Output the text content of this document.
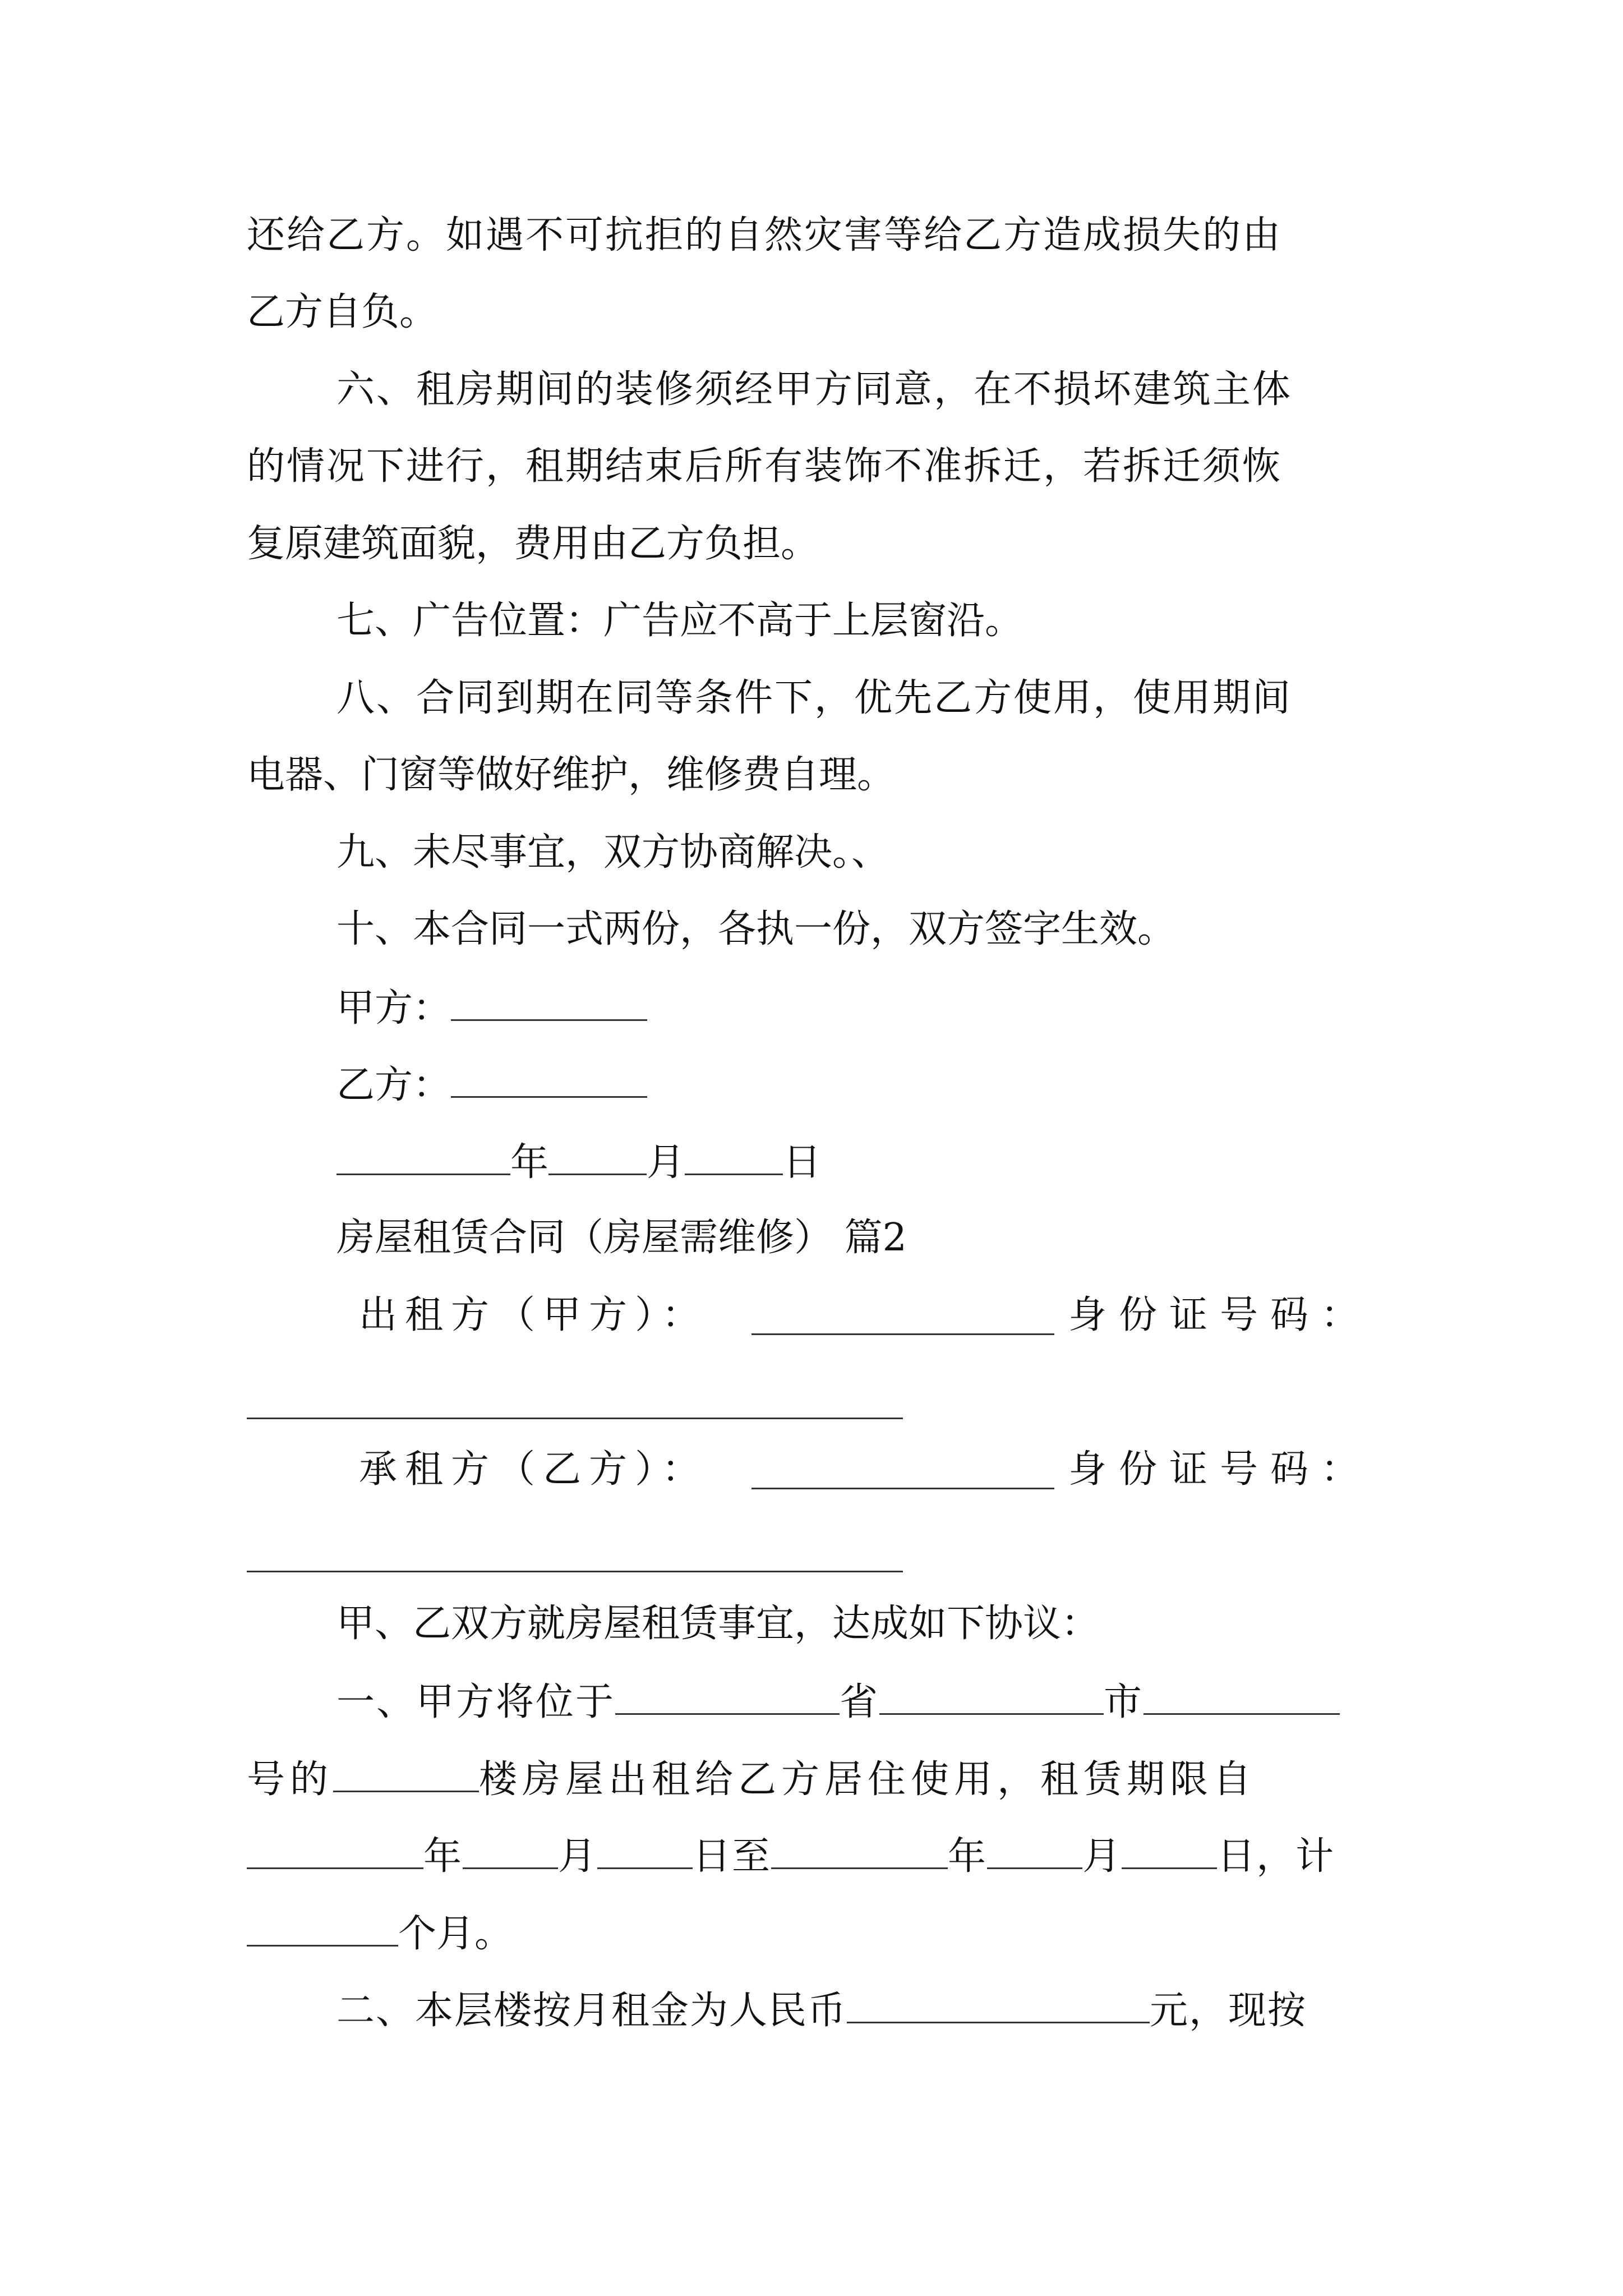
还给乙方。如遇不可抗拒的自然灾害等给乙方造成损失的由
乙方自负。
六、租房期间的装修须经甲方同意，在不损坏建筑主体
的情况下进行，租期结束后所有装饰不准拆迁，若拆迁须恢
复原建筑面貌，费用由乙方负担。
七、广告位置：广告应不高于上层窗沿。
八、合同到期在同等条件下，优先乙方使用，使用期间
电器、门窗等做好维护，维修费自理。
九、未尽事宜，双方协商解决。、
十、本合同一式两份，各执一份，双方签字生效。
甲方：
乙方：
年	月	日
房屋租赁合同（房屋需维修） 篇2
出租方（甲方）：	身份证号码：
承租方（乙方）：	身份证号码：
甲、乙双方就房屋租赁事宜，达成如下协议：
一、甲方将位于	省	市
号的	楼房屋出租给乙方居住使用，租赁期限自
年	月	日至	年	月	日，计
个月。
二、本层楼按月租金为人民币	元，现按
